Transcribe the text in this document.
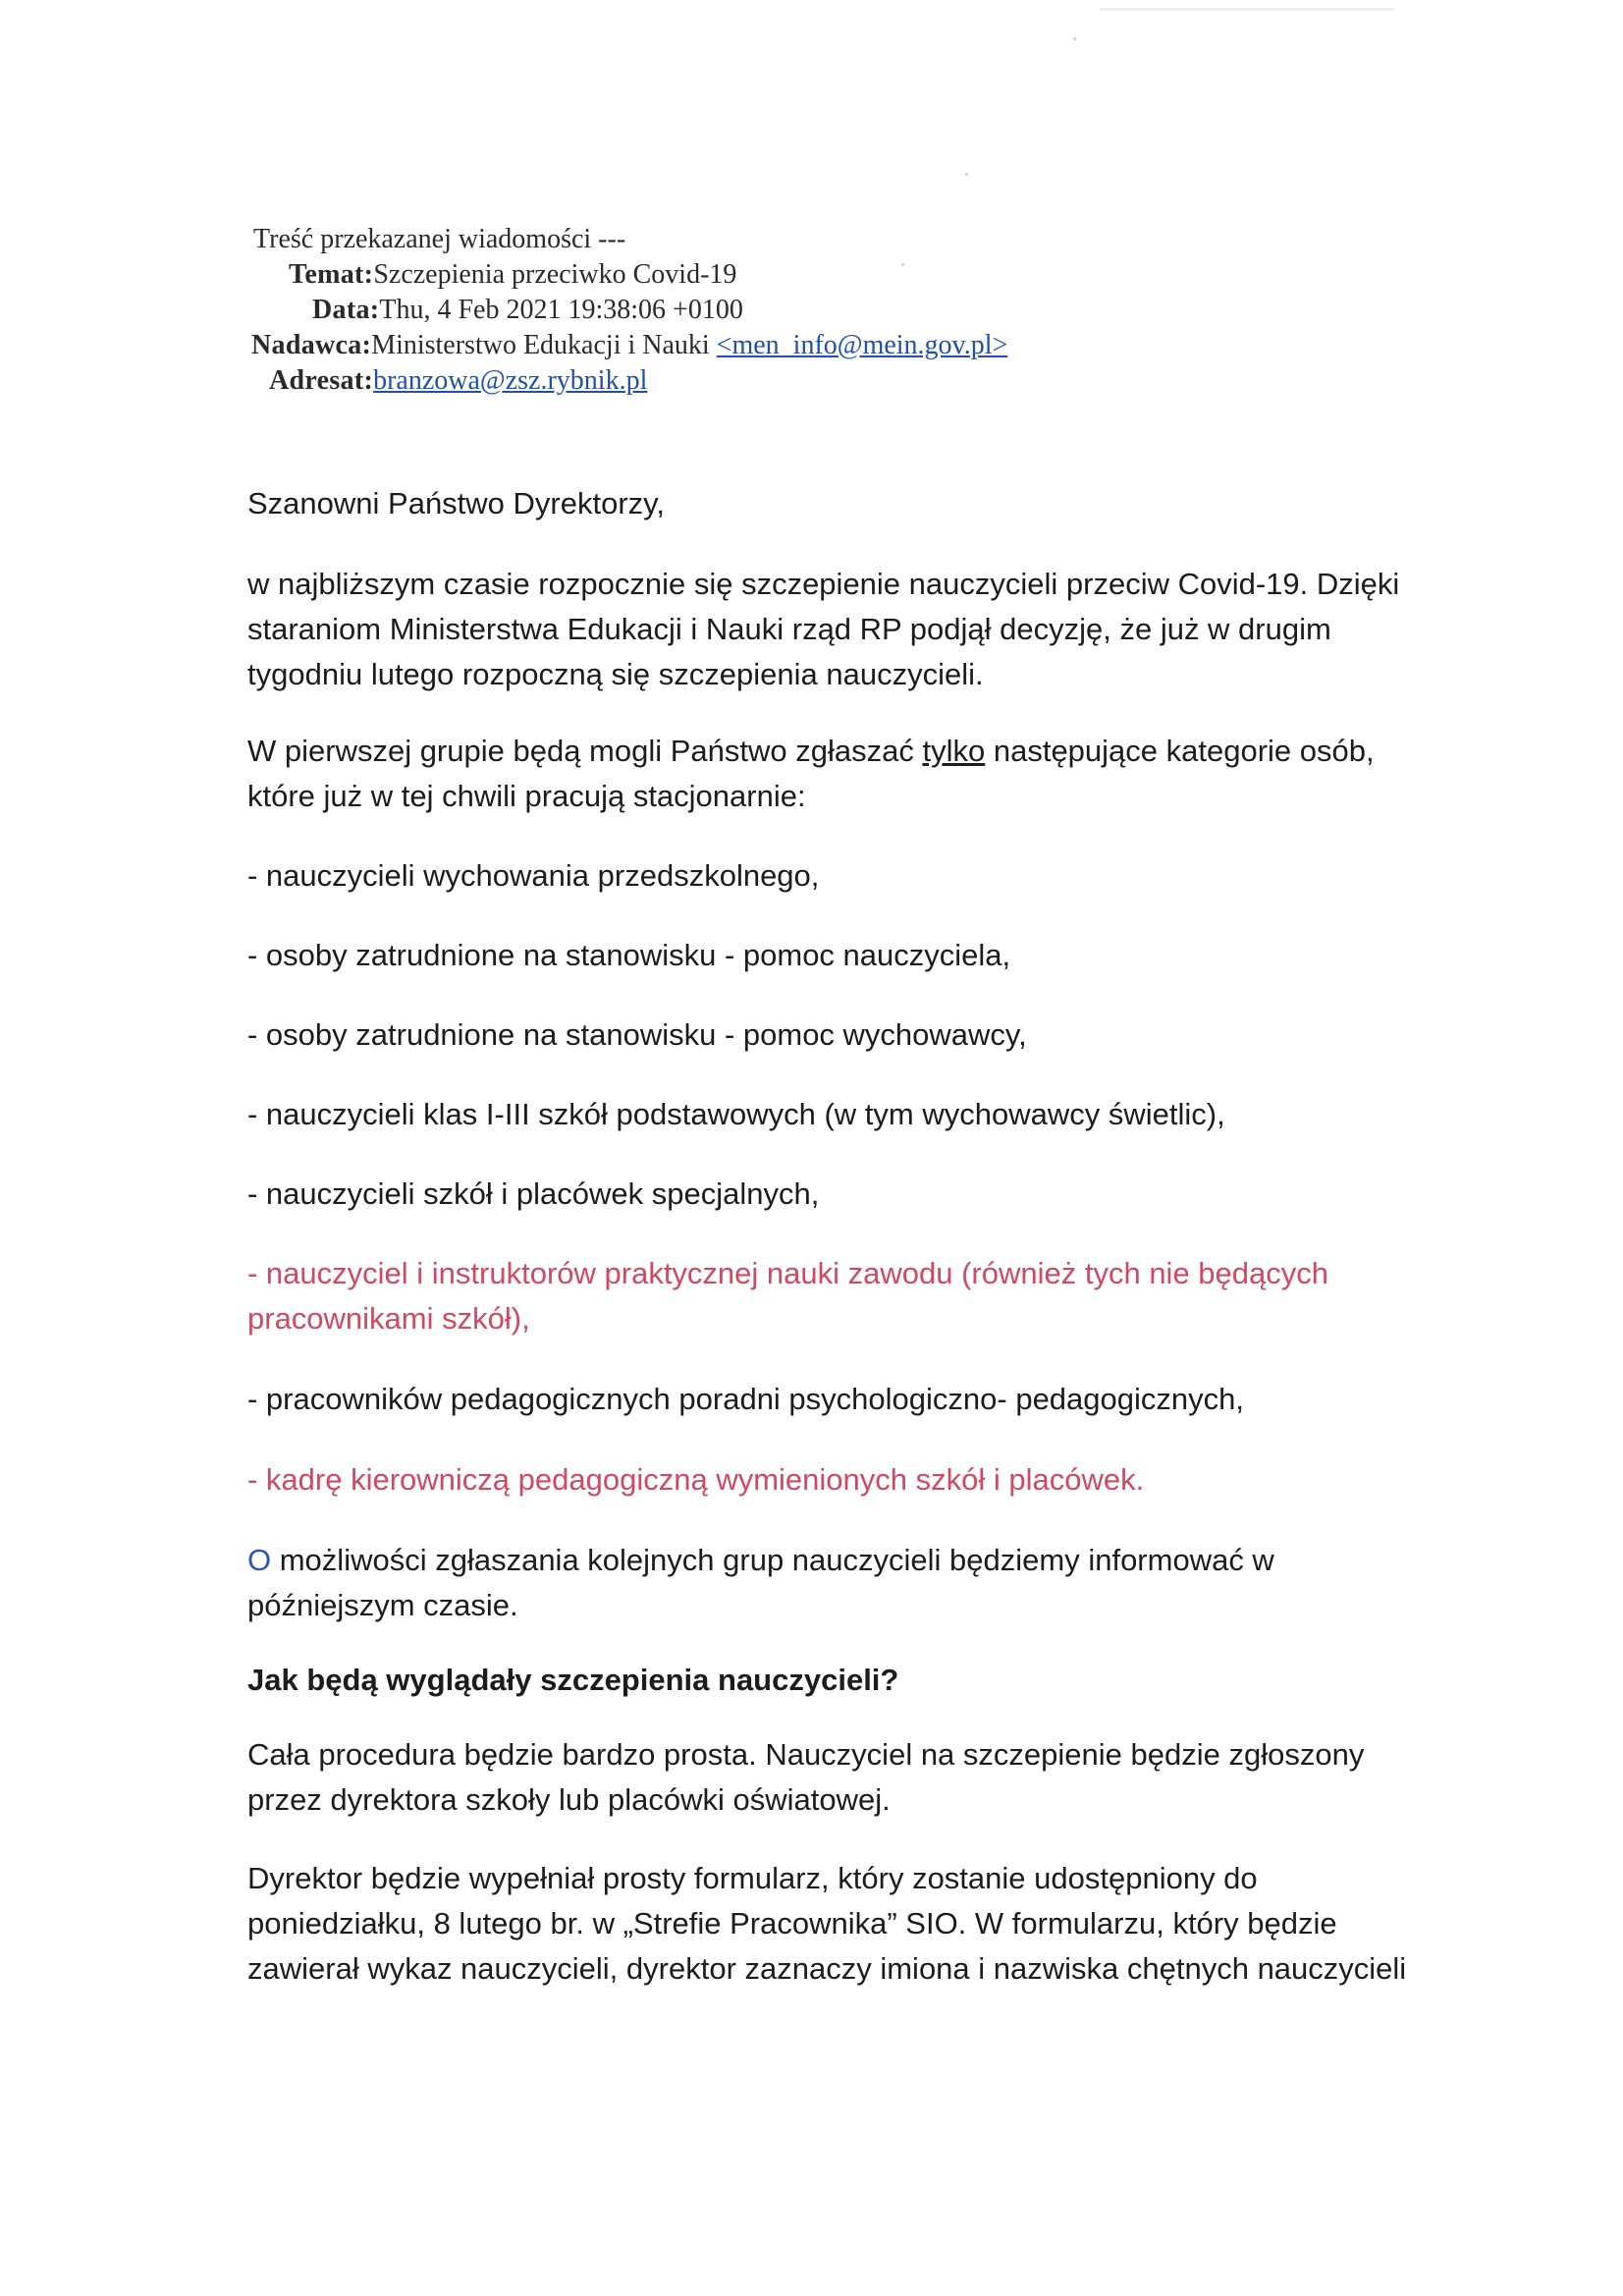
Treść przekazanej wiadomości ---
Temat:Szczepienia przeciwko Covid-19
Data:Thu, 4 Feb 2021 19:38:06 +0100
Nadawca:Ministerstwo Edukacji i Nauki <men_info@mein.gov.pl>
Adresat:branzowa@zsz.rybnik.pl

Szanowni Państwo Dyrektorzy,

w najbliższym czasie rozpocznie się szczepienie nauczycieli przeciw Covid-19. Dzięki

staraniom Ministerstwa Edukacji i Nauki rząd RP podjął decyzję, że już w drugim

tygodniu lutego rozpoczną się szczepienia nauczycieli.

W pierwszej grupie będą mogli Państwo zgłaszać tylko następujące kategorie osób,

które już w tej chwili pracują stacjonarnie:

- nauczycieli wychowania przedszkolnego,

- osoby zatrudnione na stanowisku - pomoc nauczyciela,

- osoby zatrudnione na stanowisku - pomoc wychowawcy,

- nauczycieli klas I-III szkół podstawowych (w tym wychowawcy świetlic),

- nauczycieli szkół i placówek specjalnych,

- nauczyciel i instruktorów praktycznej nauki zawodu (również tych nie będących

pracownikami szkół),

- pracowników pedagogicznych poradni psychologiczno- pedagogicznych,

- kadrę kierowniczą pedagogiczną wymienionych szkół i placówek.

O możliwości zgłaszania kolejnych grup nauczycieli będziemy informować w

późniejszym czasie.

Jak będą wyglądały szczepienia nauczycieli?

Cała procedura będzie bardzo prosta. Nauczyciel na szczepienie będzie zgłoszony

przez dyrektora szkoły lub placówki oświatowej.

Dyrektor będzie wypełniał prosty formularz, który zostanie udostępniony do

poniedziałku, 8 lutego br. w „Strefie Pracownika” SIO. W formularzu, który będzie

zawierał wykaz nauczycieli, dyrektor zaznaczy imiona i nazwiska chętnych nauczycieli
